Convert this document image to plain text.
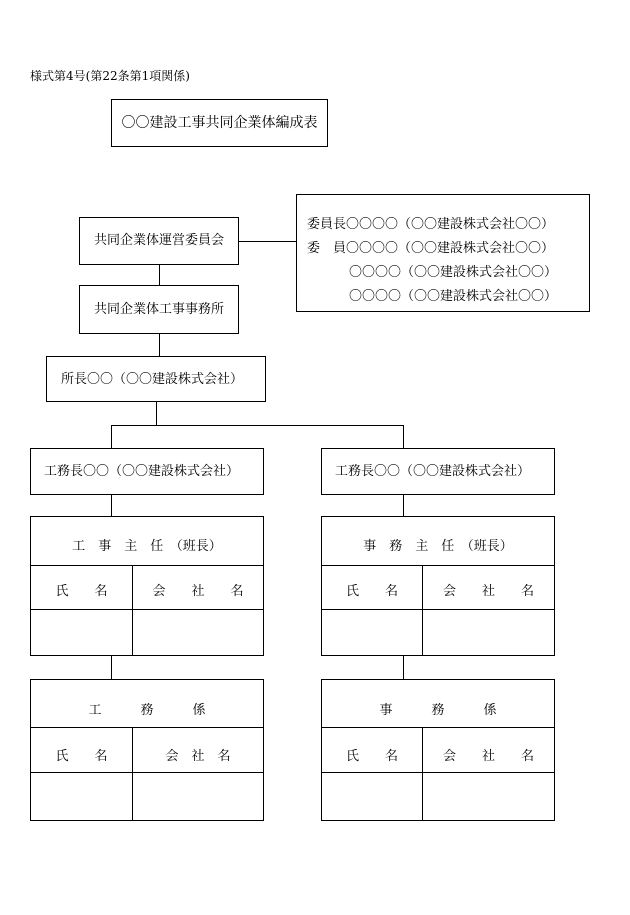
様式第4号(第22条第1項関係)
〇〇建設工事共同企業体編成表
共同企業体運営委員会
委員長〇〇〇〇（〇〇建設株式会社〇〇）
委　員〇〇〇〇（〇〇建設株式会社〇〇）
〇〇〇〇（〇〇建設株式会社〇〇）
〇〇〇〇（〇〇建設株式会社〇〇）
共同企業体工事事務所
所長〇〇（〇〇建設株式会社）
工務長〇〇（〇〇建設株式会社）
工　事　主　任　（班長）
氏　　名	会　　社　　名
工　　　務　　　係
氏　　名	会　社　名
工務長〇〇（〇〇建設株式会社）
事　務　主　任　（班長）
氏　　名	会　　社　　名
事　　　務　　　係
氏　　名	会　　社　　名
